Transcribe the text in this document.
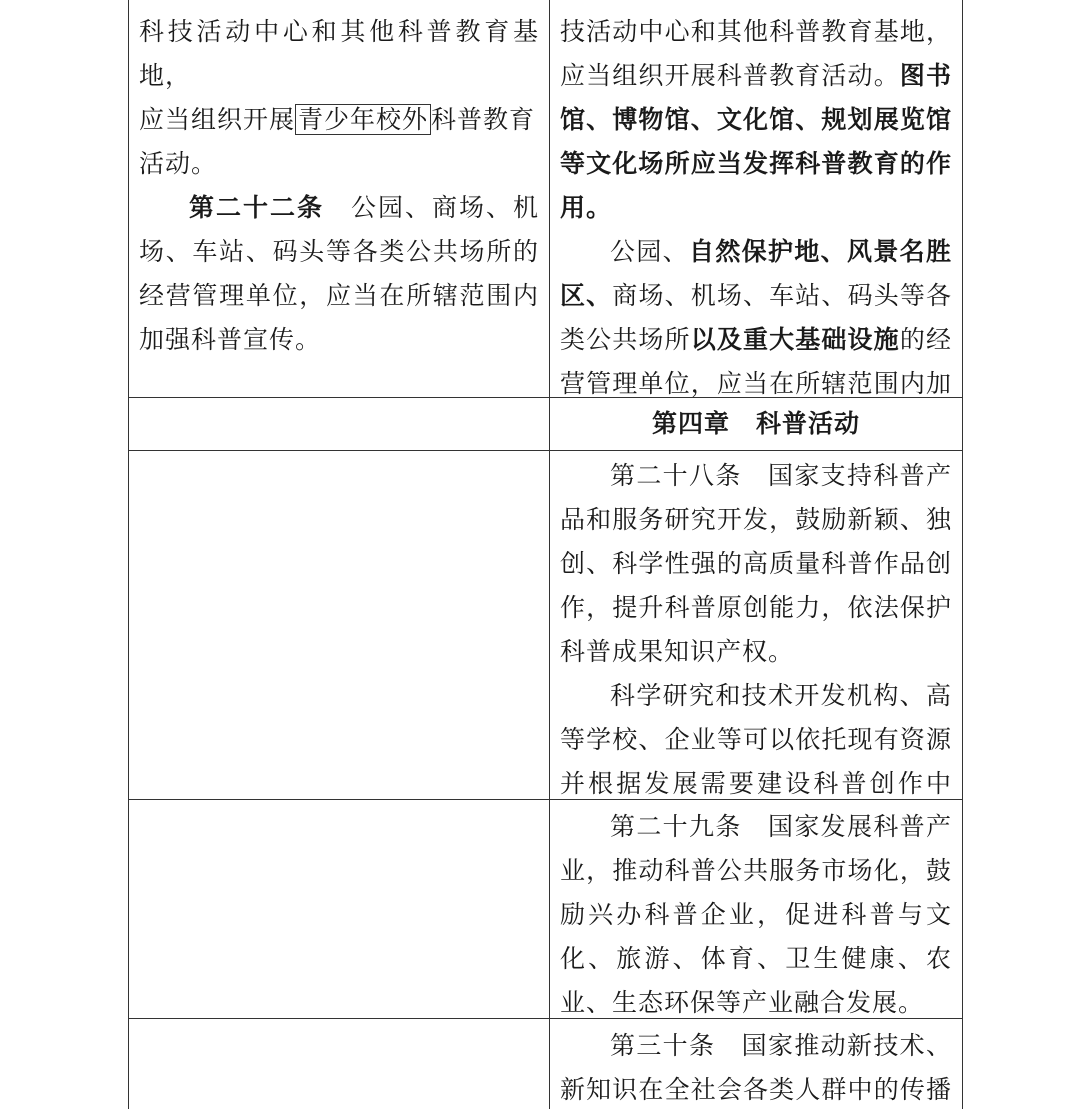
科技活动中心和其他科普教育基地，
应当组织开展 青少年校外 科普教育
活动。

第二十二条　 公园、商场、机场、车站、码头等各类公共场所的经营管理单位，应当在所辖范围内加强科普宣传。

技活动中心和其他科普教育基地，应当组织开展科普教育活动。图书馆、博物馆、文化馆、规划展览馆等文化场所应当发挥科普教育的作用。

公园、自然保护地、风景名胜区、商场、机场、车站、码头等各类公共场所以及重大基础设施的经营管理单位，应当在所辖范围内加

第四章　科普活动

第二十八条　国家支持科普产品和服务研究开发，鼓励新颖、独创、科学性强的高质量科普作品创作，提升科普原创能力，依法保护科普成果知识产权。

科学研究和技术开发机构、高等学校、企业等可以依托现有资源并根据发展需要建设科普创作中

第二十九条　国家发展科普产业，推动科普公共服务市场化，鼓励兴办科普企业，促进科普与文化、旅游、体育、卫生健康、农业、生态环保等产业融合发展。

第三十条　国家推动新技术、新知识在全社会各类人群中的传播
